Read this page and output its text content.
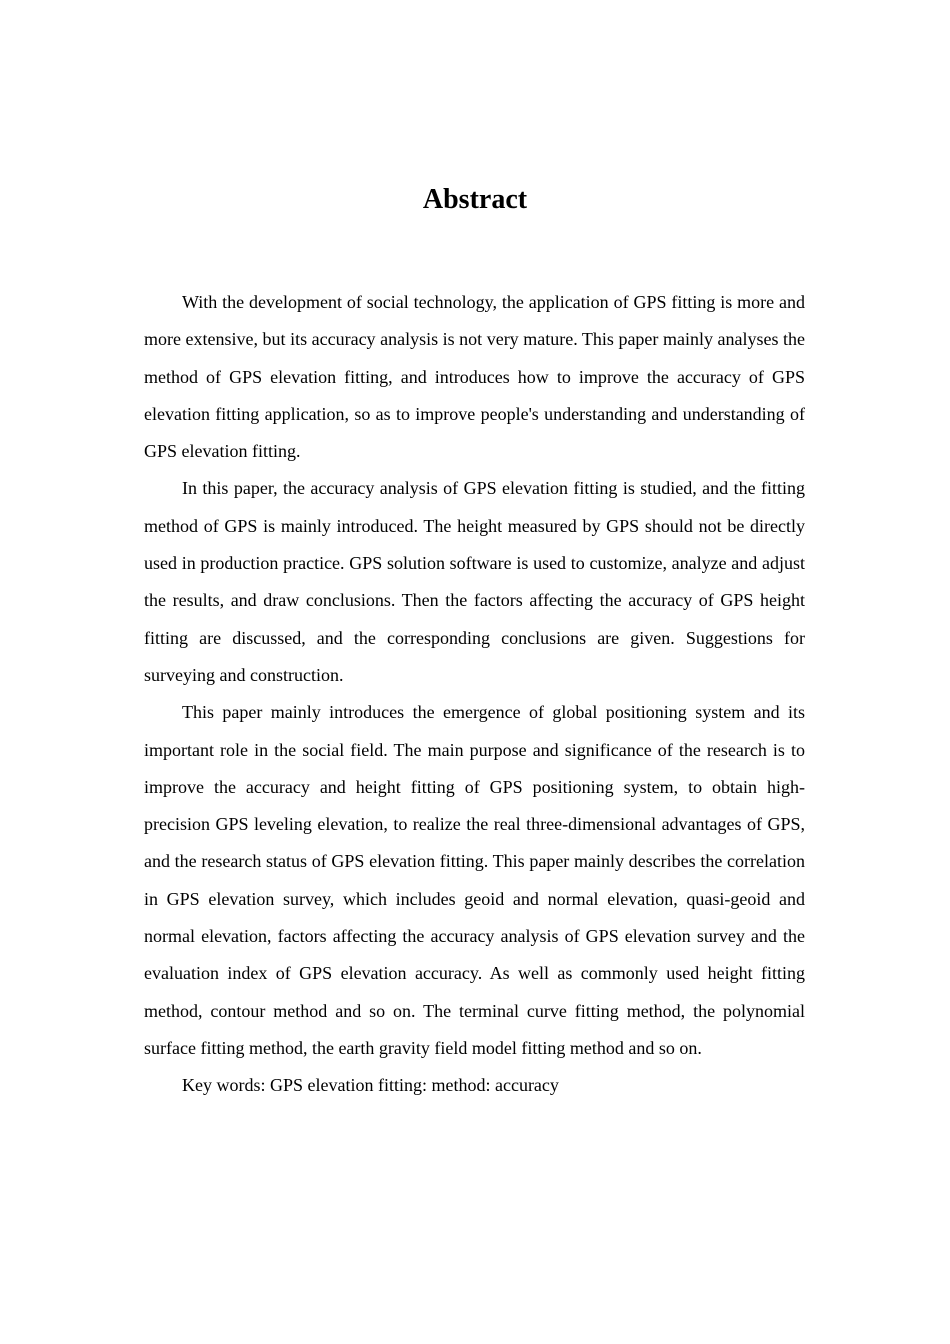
Abstract

With the development of social technology, the application of GPS fitting is more and more extensive, but its accuracy analysis is not very mature. This paper mainly analyses the method of GPS elevation fitting, and introduces how to improve the accuracy of GPS elevation fitting application, so as to improve people's understanding and understanding of GPS elevation fitting.

In this paper, the accuracy analysis of GPS elevation fitting is studied, and the fitting method of GPS is mainly introduced. The height measured by GPS should not be directly used in production practice. GPS solution software is used to customize, analyze and adjust the results, and draw conclusions. Then the factors affecting the accuracy of GPS height fitting are discussed, and the corresponding conclusions are given. Suggestions for surveying and construction.

This paper mainly introduces the emergence of global positioning system and its important role in the social field. The main purpose and significance of the research is to improve the accuracy and height fitting of GPS positioning system, to obtain high-precision GPS leveling elevation, to realize the real three-dimensional advantages of GPS, and the research status of GPS elevation fitting. This paper mainly describes the correlation in GPS elevation survey, which includes geoid and normal elevation, quasi-geoid and normal elevation, factors affecting the accuracy analysis of GPS elevation survey and the evaluation index of GPS elevation accuracy. As well as commonly used height fitting method, contour method and so on. The terminal curve fitting method, the polynomial surface fitting method, the earth gravity field model fitting method and so on.

Key words: GPS elevation fitting: method: accuracy
